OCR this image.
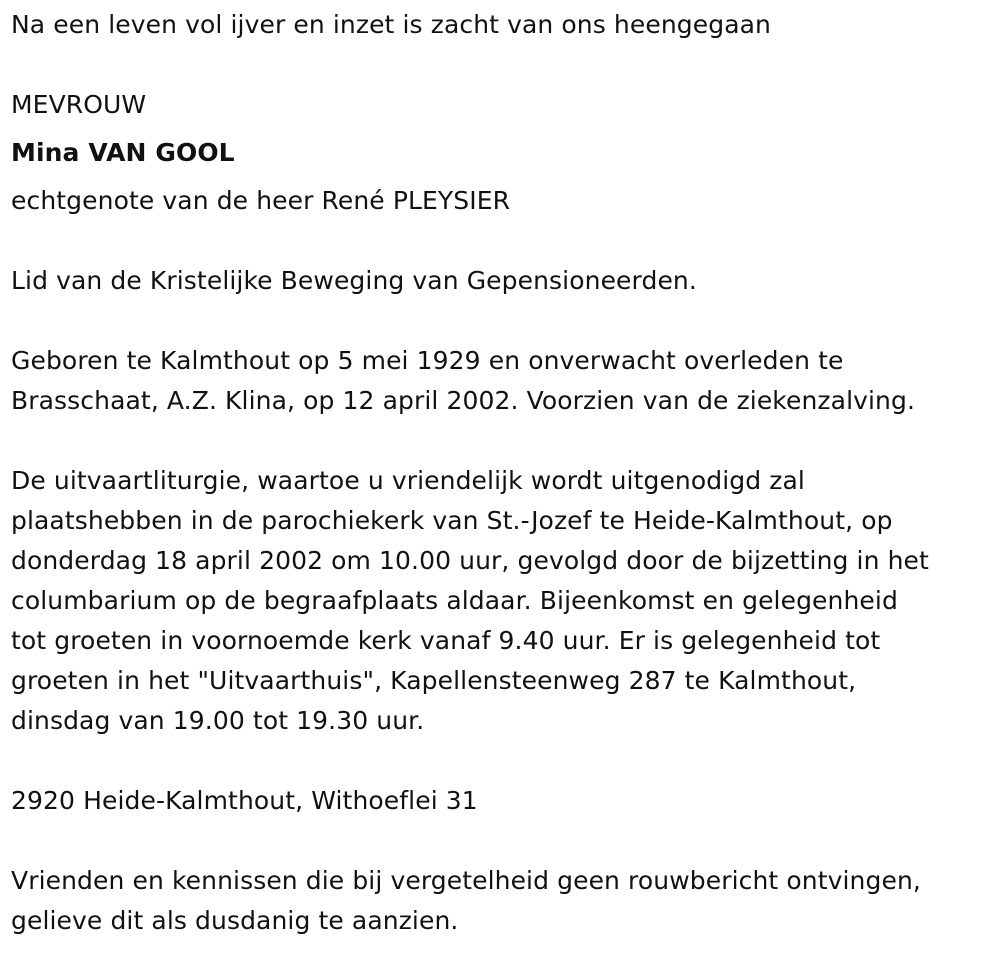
Na een leven vol ijver en inzet is zacht van ons heengegaan
MEVROUW
Mina VAN GOOL
echtgenote van de heer René PLEYSIER
Lid van de Kristelijke Beweging van Gepensioneerden.
Geboren te Kalmthout op 5 mei 1929 en onverwacht overleden te
Brasschaat, A.Z. Klina, op 12 april 2002. Voorzien van de ziekenzalving.
De uitvaartliturgie, waartoe u vriendelijk wordt uitgenodigd zal
plaatshebben in de parochiekerk van St.-Jozef te Heide-Kalmthout, op
donderdag 18 april 2002 om 10.00 uur, gevolgd door de bijzetting in het
columbarium op de begraafplaats aldaar. Bijeenkomst en gelegenheid
tot groeten in voornoemde kerk vanaf 9.40 uur. Er is gelegenheid tot
groeten in het "Uitvaarthuis", Kapellensteenweg 287 te Kalmthout,
dinsdag van 19.00 tot 19.30 uur.
2920 Heide-Kalmthout, Withoeflei 31
Vrienden en kennissen die bij vergetelheid geen rouwbericht ontvingen,
gelieve dit als dusdanig te aanzien.
